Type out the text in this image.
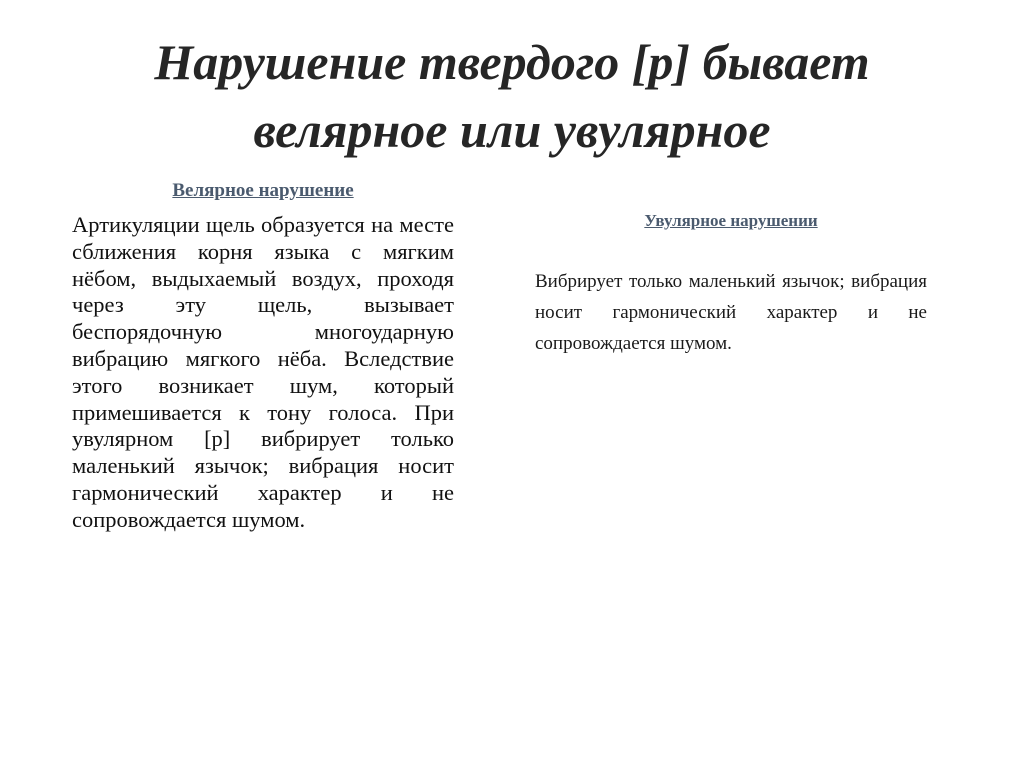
Нарушение твердого [р] бывает
велярное или увулярное

Велярное нарушение

Артикуляции щель образуется на месте сближения корня языка с мягким нёбом, выдыхаемый воздух, проходя через эту щель, вызывает беспорядочную многоударную вибрацию мягкого нёба. Вследствие этого возникает шум, который примешивается к тону голоса. При увулярном [р] вибрирует только маленький язычок; вибрация носит гармонический характер и не сопровождается шумом.

Увулярное нарушении

Вибрирует только маленький язычок; вибрация носит гармонический характер и не сопровождается шумом.
